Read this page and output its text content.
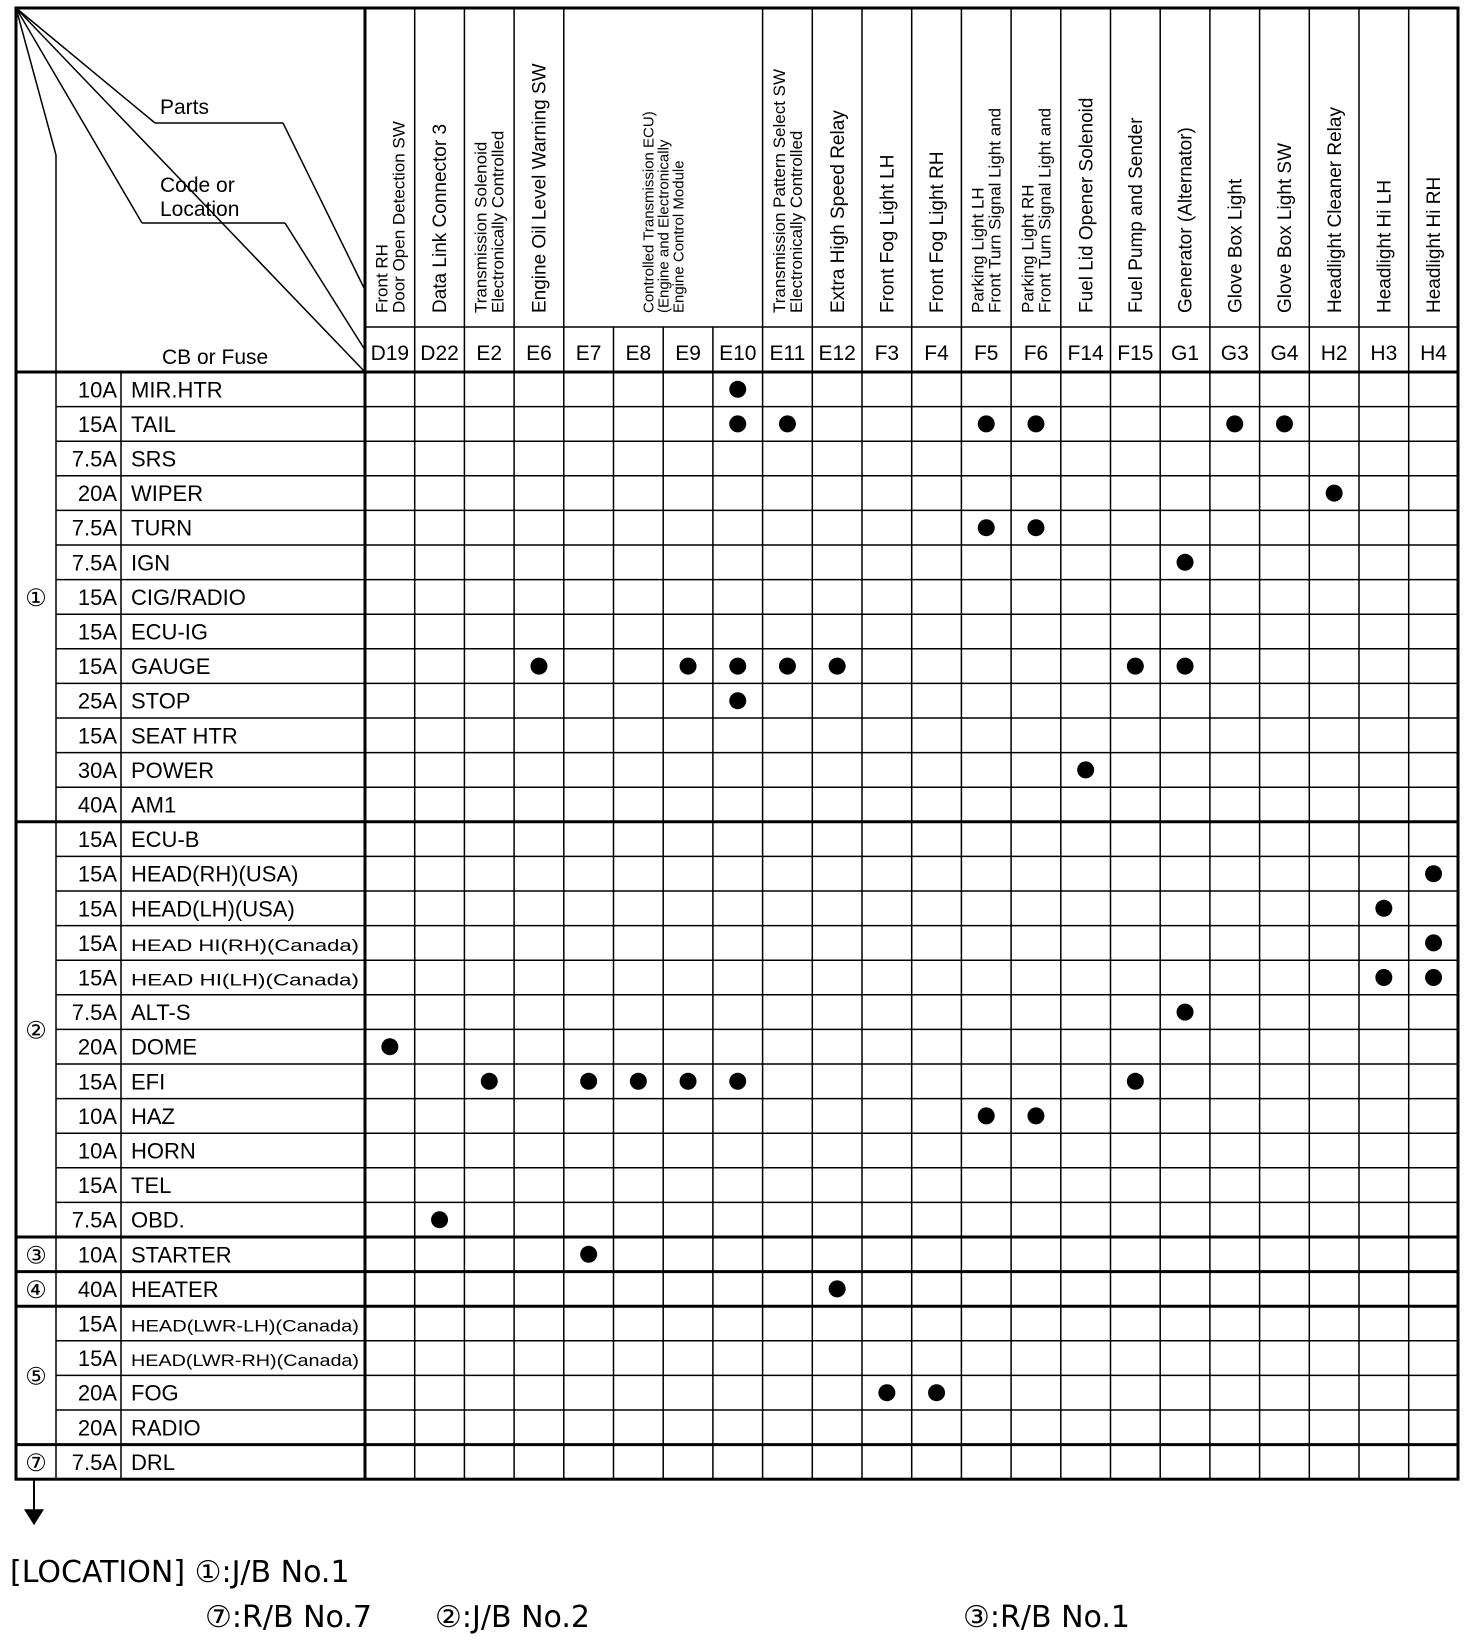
Parts
Code or
Location
CB or Fuse
Door Open Detection SW
Front RH
D19
Data Link Connector 3
D22
Electronically Controlled
Transmission Solenoid
E2
Engine Oil Level Warning SW
E6 E7
Engine Control Module
(Engine and Electronically
Controlled Transmission ECU)
E8 E9 E10
Electronically Controlled
Transmission Pattern Select SW
E11
Extra High Speed Relay
E12
Front Fog Light LH
F3
Front Fog Light RH
F4
Front Turn Signal Light and
Parking Light LH
F5
Front Turn Signal Light and
Parking Light RH
F6
Fuel Lid Opener Solenoid
F14
Fuel Pump and Sender
F15
Generator (Alternator)
G1
Glove Box Light
G3
Glove Box Light SW
G4
Headlight Cleaner Relay
H2
Headlight Hi LH
H3
Headlight Hi RH
H4
10A MIR.HTR
15A TAIL
7.5A SRS
20A WIPER
7.5A TURN
7.5A IGN
15A CIG/RADIO
15A ECU-IG
15A GAUGE
25A STOP
15A SEAT HTR
30A POWER
40A AM1
15A ECU-B
15A HEAD(RH)(USA)
15A HEAD(LH)(USA)
15A HEAD HI(RH)(Canada)
15A HEAD HI(LH)(Canada)
7.5A ALT-S
20A DOME
15A EFI
10A HAZ
10A HORN
15A TEL
7.5A OBD.
10A STARTER
40A HEATER
15A HEAD(LWR-LH)(Canada)
15A HEAD(LWR-RH)(Canada)
20A FOG
20A RADIO
7.5A DRL
①
②
③
④
⑤
⑦
[LOCATION] ①:J/B No.1
⑦:R/B No.7 ②:J/B No.2	③:R/B No.1
